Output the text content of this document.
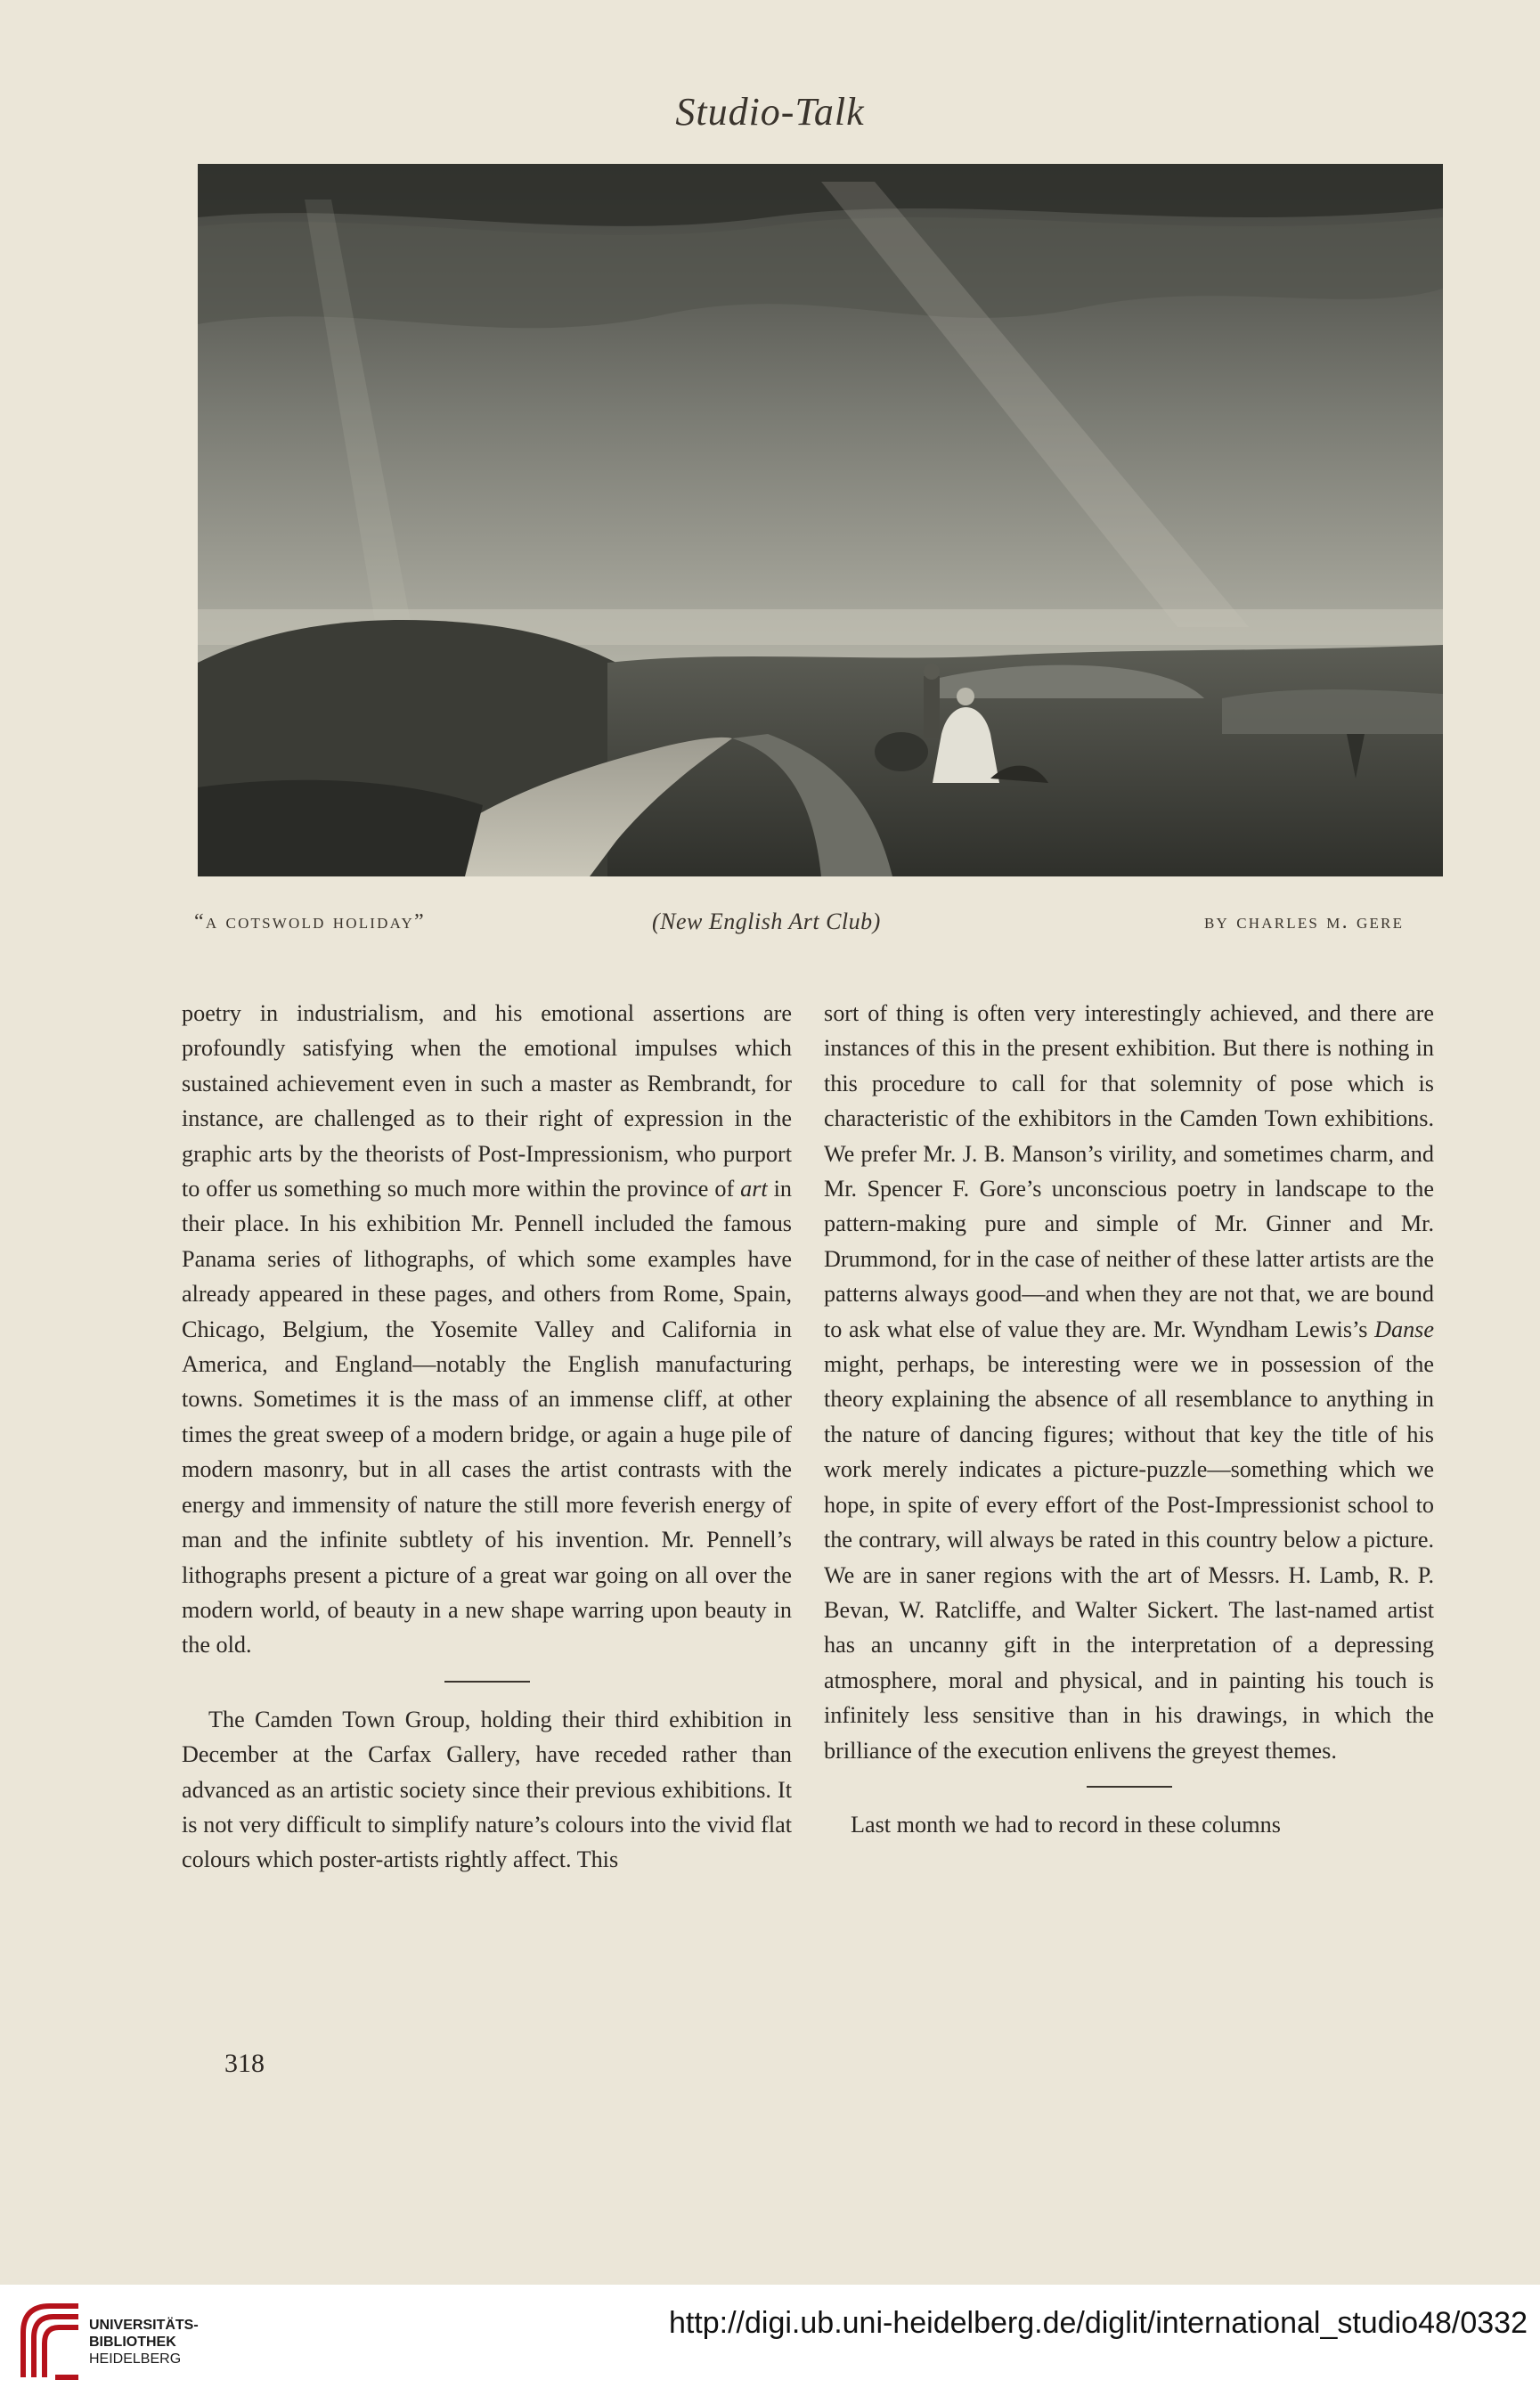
Studio-Talk
“a cotswold holiday”	(New English Art Club)	by charles m. gere

poetry in industrialism, and his emotional assertions are profoundly satisfying when the emotional impulses which sustained achievement even in such a master as Rembrandt, for instance, are challenged as to their right of expression in the graphic arts by the theorists of Post-Impressionism, who purport to offer us something so much more within the province of art in their place. In his exhibition Mr. Pennell included the famous Panama series of lithographs, of which some examples have already appeared in these pages, and others from Rome, Spain, Chicago, Belgium, the Yosemite Valley and California in America, and England—notably the English manufacturing towns. Sometimes it is the mass of an immense cliff, at other times the great sweep of a modern bridge, or again a huge pile of modern masonry, but in all cases the artist contrasts with the energy and immensity of nature the still more feverish energy of man and the infinite subtlety of his invention. Mr. Pennell’s lithographs present a picture of a great war going on all over the modern world, of beauty in a new shape warring upon beauty in the old.

The Camden Town Group, holding their third exhibition in December at the Carfax Gallery, have receded rather than advanced as an artistic society since their previous exhibitions. It is not very difficult to simplify nature’s colours into the vivid flat colours which poster-artists rightly affect. This

sort of thing is often very interestingly achieved, and there are instances of this in the present exhibition. But there is nothing in this procedure to call for that solemnity of pose which is characteristic of the exhibitors in the Camden Town exhibitions. We prefer Mr. J. B. Manson’s virility, and sometimes charm, and Mr. Spencer F. Gore’s unconscious poetry in landscape to the pattern-making pure and simple of Mr. Ginner and Mr. Drummond, for in the case of neither of these latter artists are the patterns always good—and when they are not that, we are bound to ask what else of value they are. Mr. Wyndham Lewis’s Danse might, perhaps, be interesting were we in possession of the theory explaining the absence of all resemblance to anything in the nature of dancing figures; without that key the title of his work merely indicates a picture-puzzle—something which we hope, in spite of every effort of the Post-Impressionist school to the contrary, will always be rated in this country below a picture. We are in saner regions with the art of Messrs. H. Lamb, R. P. Bevan, W. Ratcliffe, and Walter Sickert. The last-named artist has an uncanny gift in the interpretation of a depressing atmosphere, moral and physical, and in painting his touch is infinitely less sensitive than in his drawings, in which the brilliance of the execution enlivens the greyest themes.

Last month we had to record in these columns

318
UNIVERSITÄTS-
BIBLIOTHEK
HEIDELBERG
http://digi.ub.uni-heidelberg.de/diglit/international_studio48/0332
